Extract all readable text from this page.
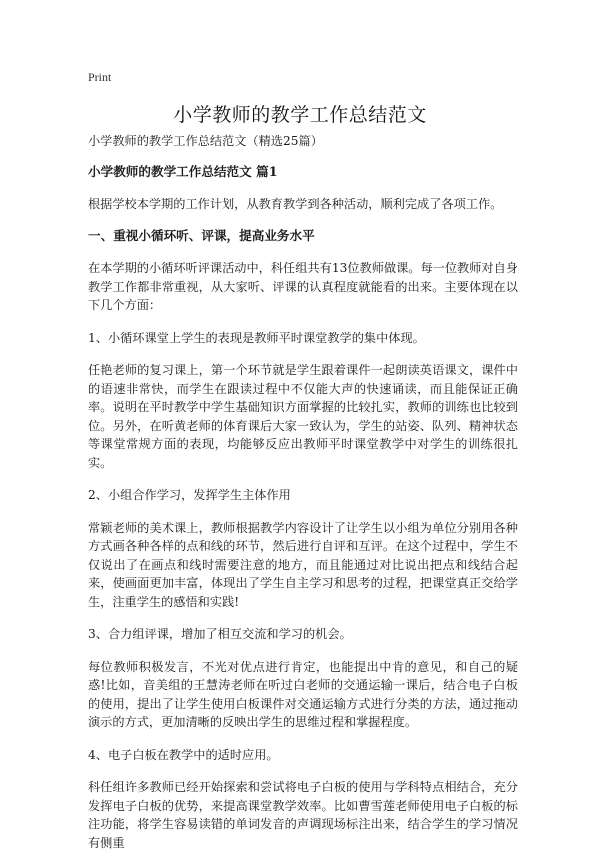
Print
小学教师的教学工作总结范文

小学教师的教学工作总结范文（精选25篇）

小学教师的教学工作总结范文 篇1

根据学校本学期的工作计划，从教育教学到各种活动，顺利完成了各项工作。

一、重视小循环听、评课，提高业务水平

在本学期的小循环听评课活动中，科任组共有13位教师做课。每一位教师对自身教学工作都非常重视，从大家听、评课的认真程度就能看的出来。主要体现在以下几个方面：

1、小循环课堂上学生的表现是教师平时课堂教学的集中体现。

任艳老师的复习课上，第一个环节就是学生跟着课件一起朗读英语课文，课件中的语速非常快，而学生在跟读过程中不仅能大声的快速诵读，而且能保证正确率。说明在平时教学中学生基础知识方面掌握的比较扎实，教师的训练也比较到位。另外，在听黄老师的体育课后大家一致认为，学生的站姿、队列、精神状态等课堂常规方面的表现，均能够反应出教师平时课堂教学中对学生的训练很扎实。

2、小组合作学习，发挥学生主体作用

常颖老师的美术课上，教师根据教学内容设计了让学生以小组为单位分别用各种方式画各种各样的点和线的环节，然后进行自评和互评。在这个过程中，学生不仅说出了在画点和线时需要注意的地方，而且能通过对比说出把点和线结合起来，使画面更加丰富，体现出了学生自主学习和思考的过程，把课堂真正交给学生，注重学生的感悟和实践!

3、合力组评课，增加了相互交流和学习的机会。

每位教师积极发言，不光对优点进行肯定，也能提出中肯的意见，和自己的疑惑!比如，音美组的王慧涛老师在听过白老师的交通运输一课后，结合电子白板的使用，提出了让学生使用白板课件对交通运输方式进行分类的方法，通过拖动演示的方式，更加清晰的反映出学生的思维过程和掌握程度。

4、电子白板在教学中的适时应用。

科任组许多教师已经开始探索和尝试将电子白板的使用与学科特点相结合，充分发挥电子白板的优势，来提高课堂教学效率。比如曹雪莲老师使用电子白板的标注功能，将学生容易读错的单词发音的声调现场标注出来，结合学生的学习情况有侧重
